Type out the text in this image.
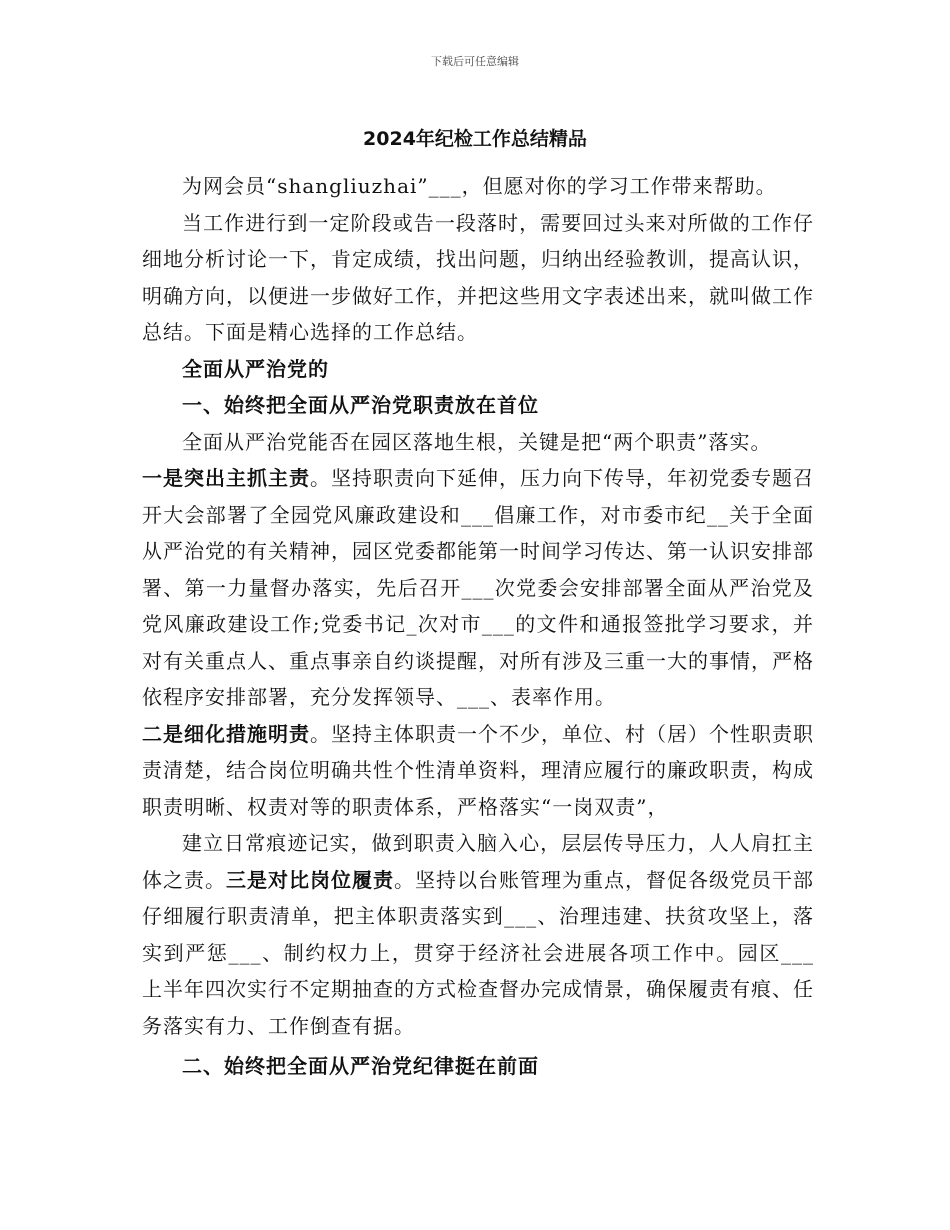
下载后可任意编辑
2024年纪检工作总结精品

为网会员“shangliuzhai”___，但愿对你的学习工作带来帮助。

当工作进行到一定阶段或告一段落时，需要回过头来对所做的工作仔细地分析讨论一下，肯定成绩，找出问题，归纳出经验教训，提高认识，明确方向，以便进一步做好工作，并把这些用文字表述出来，就叫做工作总结。下面是精心选择的工作总结。

全面从严治党的

一、始终把全面从严治党职责放在首位

全面从严治党能否在园区落地生根，关键是把“两个职责”落实。

一是突出主抓主责。坚持职责向下延伸，压力向下传导，年初党委专题召开大会部署了全园党风廉政建设和___倡廉工作，对市委市纪__关于全面从严治党的有关精神，园区党委都能第一时间学习传达、第一认识安排部署、第一力量督办落实，先后召开___次党委会安排部署全面从严治党及党风廉政建设工作;党委书记_次对市___的文件和通报签批学习要求，并对有关重点人、重点事亲自约谈提醒，对所有涉及三重一大的事情，严格依程序安排部署，充分发挥领导、___、表率作用。

二是细化措施明责。坚持主体职责一个不少，单位、村（居）个性职责职责清楚，结合岗位明确共性个性清单资料，理清应履行的廉政职责，构成职责明晰、权责对等的职责体系，严格落实“一岗双责”，

建立日常痕迹记实，做到职责入脑入心，层层传导压力，人人肩扛主体之责。三是对比岗位履责。坚持以台账管理为重点，督促各级党员干部仔细履行职责清单，把主体职责落实到___、治理违建、扶贫攻坚上，落实到严惩___、制约权力上，贯穿于经济社会进展各项工作中。园区___上半年四次实行不定期抽查的方式检查督办完成情景，确保履责有痕、任务落实有力、工作倒查有据。

二、始终把全面从严治党纪律挺在前面
